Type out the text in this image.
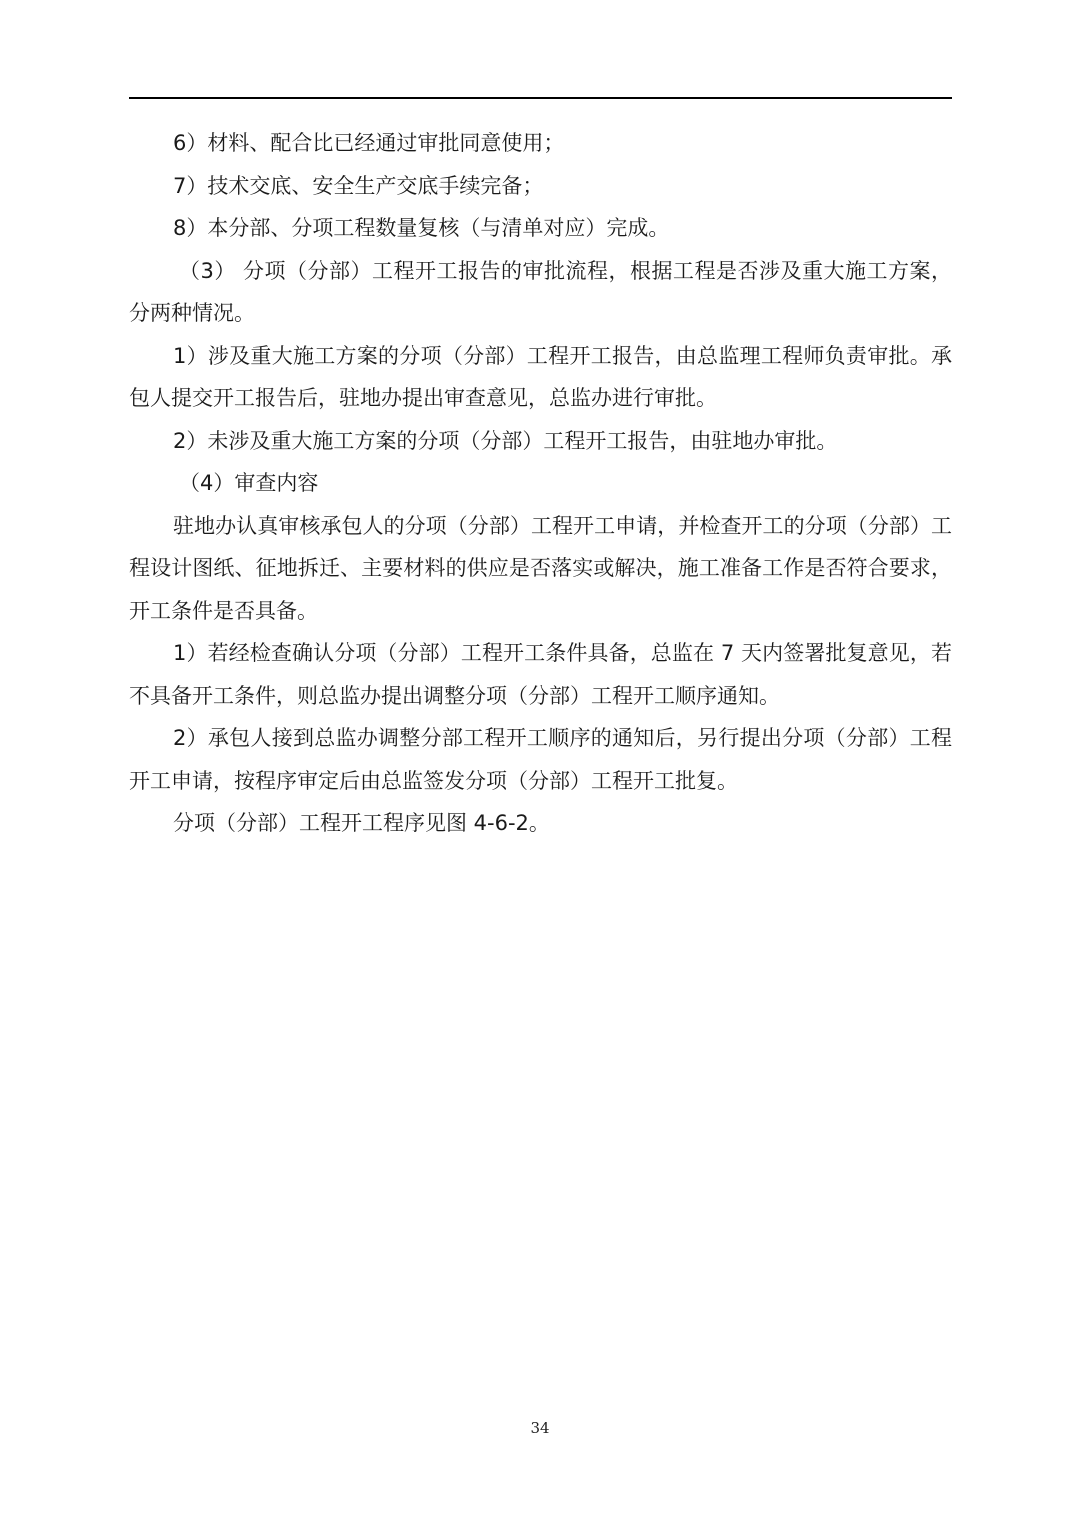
6）材料、配合比已经通过审批同意使用；

7）技术交底、安全生产交底手续完备；

8）本分部、分项工程数量复核（与清单对应）完成。

（3） 分项（分部）工程开工报告的审批流程，根据工程是否涉及重大施工方案，分两种情况。

1）涉及重大施工方案的分项（分部）工程开工报告，由总监理工程师负责审批。承包人提交开工报告后，驻地办提出审查意见，总监办进行审批。

2）未涉及重大施工方案的分项（分部）工程开工报告，由驻地办审批。

（4）审查内容

驻地办认真审核承包人的分项（分部）工程开工申请，并检查开工的分项（分部）工程设计图纸、征地拆迁、主要材料的供应是否落实或解决，施工准备工作是否符合要求，开工条件是否具备。

1）若经检查确认分项（分部）工程开工条件具备，总监在 7 天内签署批复意见，若不具备开工条件，则总监办提出调整分项（分部）工程开工顺序通知。

2）承包人接到总监办调整分部工程开工顺序的通知后，另行提出分项（分部）工程开工申请，按程序审定后由总监签发分项（分部）工程开工批复。

分项（分部）工程开工程序见图 4-6-2。

34
